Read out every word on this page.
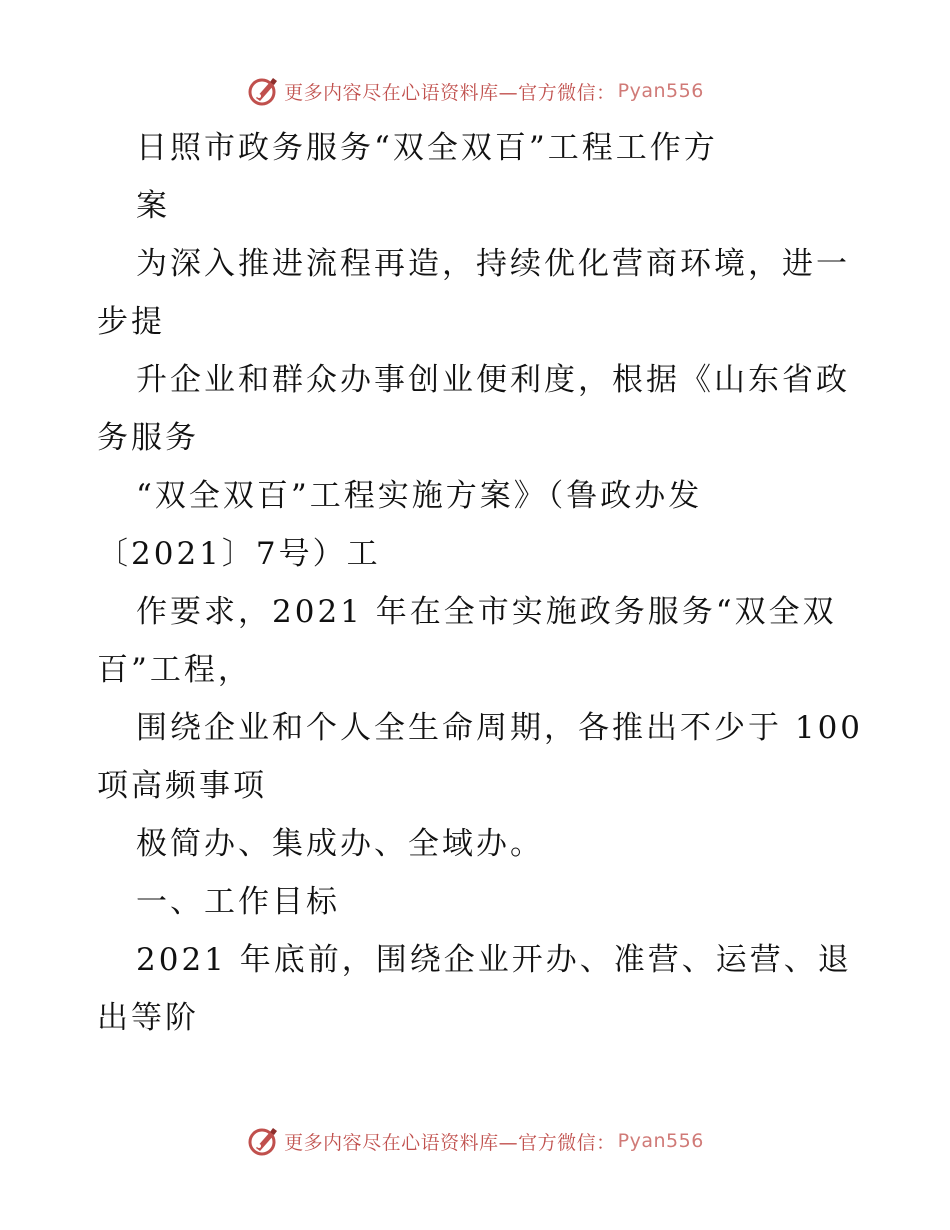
更多内容尽在心语资料库—官方微信： Pyan556
日照市政务服务“双全双百”工程工作方
案
为深入推进流程再造，持续优化营商环境，进一
步提
升企业和群众办事创业便利度，根据《山东省政
务服务
“双全双百”工程实施方案》（鲁政办发
〔2021〕7号）工
作要求，2021 年在全市实施政务服务“双全双
百”工程，
围绕企业和个人全生命周期，各推出不少于 100
项高频事项
极简办、集成办、全域办。
一、工作目标
2021 年底前，围绕企业开办、准营、运营、退
出等阶
更多内容尽在心语资料库—官方微信： Pyan556
